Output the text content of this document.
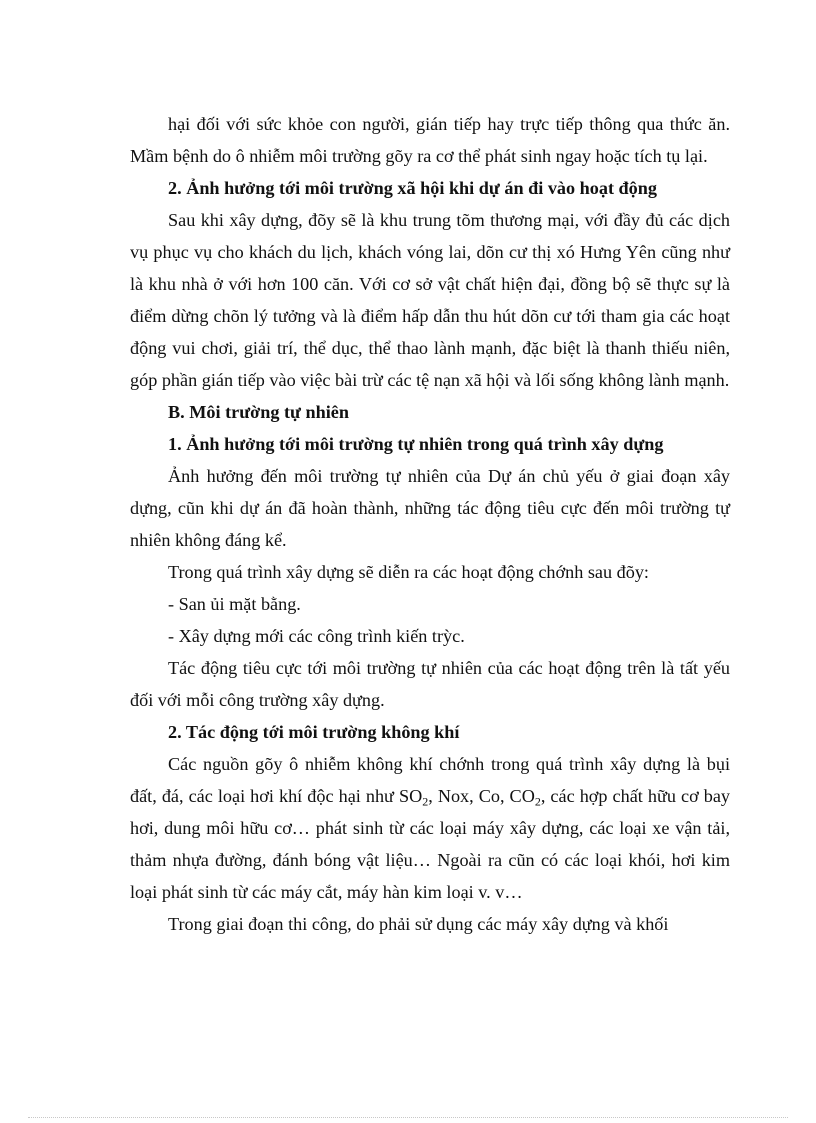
hại đối với sức khỏe con người, gián tiếp hay trực tiếp thông qua thức ăn. Mầm bệnh do ô nhiễm môi trường gõy ra cơ thể phát sinh ngay hoặc tích tụ lại.

2. Ảnh hưởng tới môi trường xã hội khi dự án đi vào hoạt động

Sau khi xây dựng, đõy sẽ là khu trung tõm thương mại, với đầy đủ các dịch vụ phục vụ cho khách du lịch, khách vóng lai, dõn cư thị xó Hưng Yên cũng như là khu nhà ở với hơn 100 căn. Với cơ sở vật chất hiện đại, đồng bộ sẽ thực sự là điểm dừng chõn lý tưởng và là điểm hấp dẫn thu hút dõn cư tới tham gia các hoạt động vui chơi, giải trí, thể dục, thể thao lành mạnh, đặc biệt là thanh thiếu niên, góp phần gián tiếp vào việc bài trừ các tệ nạn xã hội và lối sống không lành mạnh.

B. Môi trường tự nhiên

1. Ảnh hưởng tới môi trường tự nhiên trong quá trình xây dựng

Ảnh hưởng đến môi trường tự nhiên của Dự án chủ yếu ở giai đoạn xây dựng, cũn khi dự án đã hoàn thành, những tác động tiêu cực đến môi trường tự nhiên không đáng kể.

Trong quá trình xây dựng sẽ diễn ra các hoạt động chớnh sau đõy:

- San ủi mặt bằng.

- Xây dựng mới các công trình kiến trỳc.

Tác động tiêu cực tới môi trường tự nhiên của các hoạt động trên là tất yếu đối với mỗi công trường xây dựng.

2. Tác động tới môi trường không khí

Các nguồn gõy ô nhiễm không khí chớnh trong quá trình xây dựng là bụi đất, đá, các loại hơi khí độc hại như $SO_2$, Nox, Co, $CO_2$, các hợp chất hữu cơ bay hơi, dung môi hữu cơ… phát sinh từ các loại máy xây dựng, các loại xe vận tải, thảm nhựa đường, đánh bóng vật liệu… Ngoài ra cũn có các loại khói, hơi kim loại phát sinh từ các máy cắt, máy hàn kim loại v. v…

Trong giai đoạn thi công, do phải sử dụng các máy xây dựng và khối
